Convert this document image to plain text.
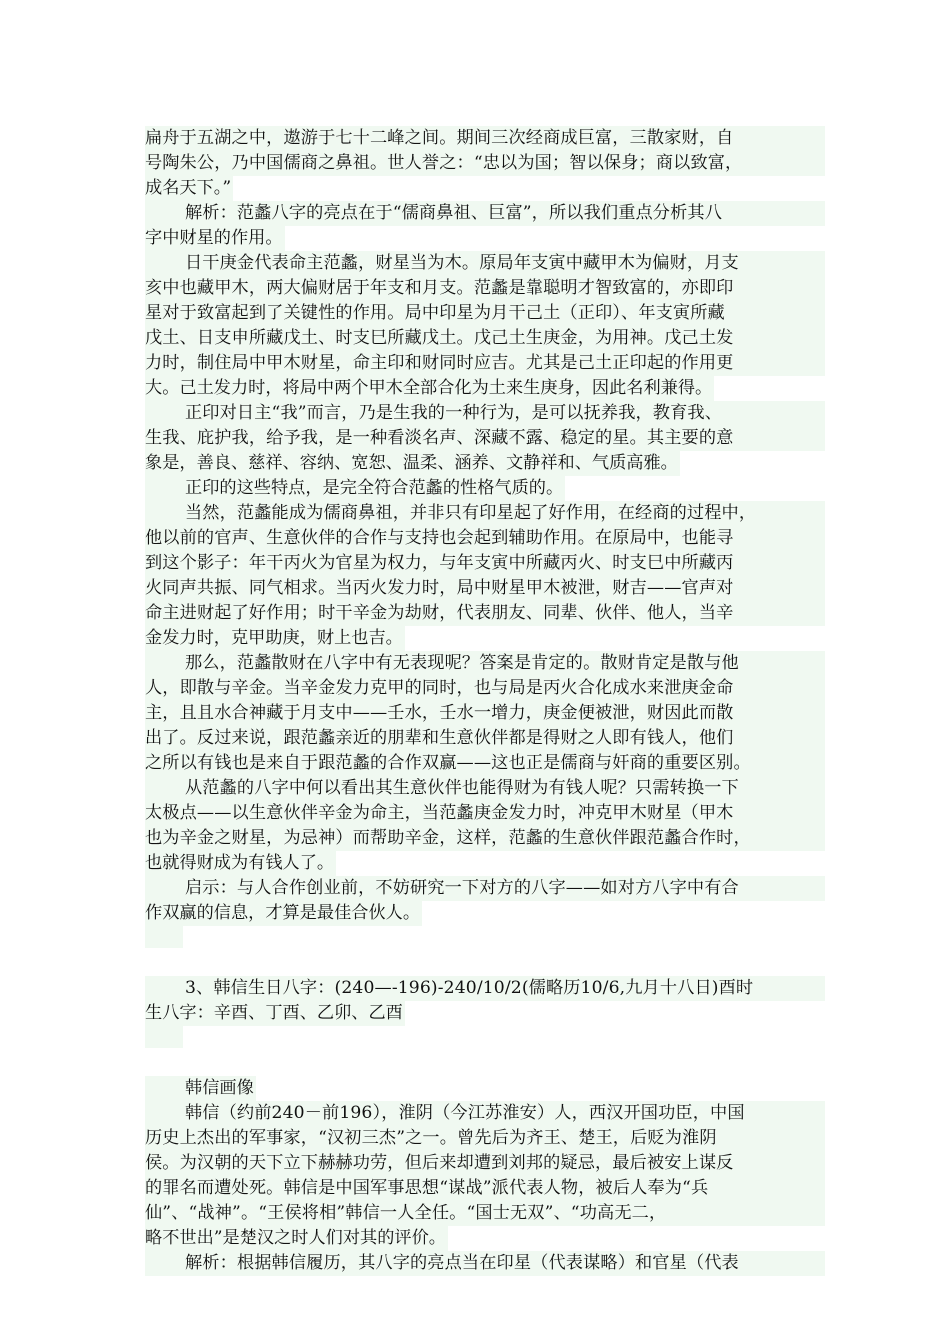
扁舟于五湖之中，遨游于七十二峰之间。期间三次经商成巨富，三散家财，自
号陶朱公，乃中国儒商之鼻祖。世人誉之：“忠以为国；智以保身；商以致富，
成名天下。”
解析：范蠡八字的亮点在于“儒商鼻祖、巨富”，所以我们重点分析其八
字中财星的作用。
日干庚金代表命主范蠡，财星当为木。原局年支寅中藏甲木为偏财，月支
亥中也藏甲木，两大偏财居于年支和月支。范蠡是靠聪明才智致富的，亦即印
星对于致富起到了关键性的作用。局中印星为月干己土（正印）、年支寅所藏
戊土、日支申所藏戊土、时支巳所藏戊土。戊己土生庚金，为用神。戊己土发
力时，制住局中甲木财星，命主印和财同时应吉。尤其是己土正印起的作用更
大。己土发力时，将局中两个甲木全部合化为土来生庚身，因此名利兼得。
正印对日主“我”而言，乃是生我的一种行为，是可以抚养我，教育我、
生我、庇护我，给予我，是一种看淡名声、深藏不露、稳定的星。其主要的意
象是，善良、慈祥、容纳、宽恕、温柔、涵养、文静祥和、气质高雅。
正印的这些特点，是完全符合范蠡的性格气质的。
当然，范蠡能成为儒商鼻祖，并非只有印星起了好作用，在经商的过程中，
他以前的官声、生意伙伴的合作与支持也会起到辅助作用。在原局中，也能寻
到这个影子：年干丙火为官星为权力，与年支寅中所藏丙火、时支巳中所藏丙
火同声共振、同气相求。当丙火发力时，局中财星甲木被泄，财吉——官声对
命主进财起了好作用；时干辛金为劫财，代表朋友、同辈、伙伴、他人，当辛
金发力时，克甲助庚，财上也吉。
那么，范蠡散财在八字中有无表现呢？答案是肯定的。散财肯定是散与他
人，即散与辛金。当辛金发力克甲的同时，也与局是丙火合化成水来泄庚金命
主，且且水合神藏于月支中——壬水，壬水一增力，庚金便被泄，财因此而散
出了。反过来说，跟范蠡亲近的朋辈和生意伙伴都是得财之人即有钱人，他们
之所以有钱也是来自于跟范蠡的合作双赢——这也正是儒商与奸商的重要区别。
从范蠡的八字中何以看出其生意伙伴也能得财为有钱人呢？只需转换一下
太极点——以生意伙伴辛金为命主，当范蠡庚金发力时，冲克甲木财星（甲木
也为辛金之财星，为忌神）而帮助辛金，这样，范蠡的生意伙伴跟范蠡合作时，
也就得财成为有钱人了。
启示：与人合作创业前，不妨研究一下对方的八字——如对方八字中有合
作双赢的信息，才算是最佳合伙人。
3、韩信生日八字：(240—-196)-240/10/2(儒略历10/6,九月十八日)酉时
生八字：辛酉、丁酉、乙卯、乙酉
韩信画像
韩信（约前240－前196），淮阴（今江苏淮安）人，西汉开国功臣，中国
历史上杰出的军事家，“汉初三杰”之一。曾先后为齐王、楚王，后贬为淮阴
侯。为汉朝的天下立下赫赫功劳，但后来却遭到刘邦的疑忌，最后被安上谋反
的罪名而遭处死。韩信是中国军事思想“谋战”派代表人物，被后人奉为“兵
仙”、“战神”。“王侯将相”韩信一人全任。“国士无双”、“功高无二，
略不世出”是楚汉之时人们对其的评价。
解析：根据韩信履历，其八字的亮点当在印星（代表谋略）和官星（代表
